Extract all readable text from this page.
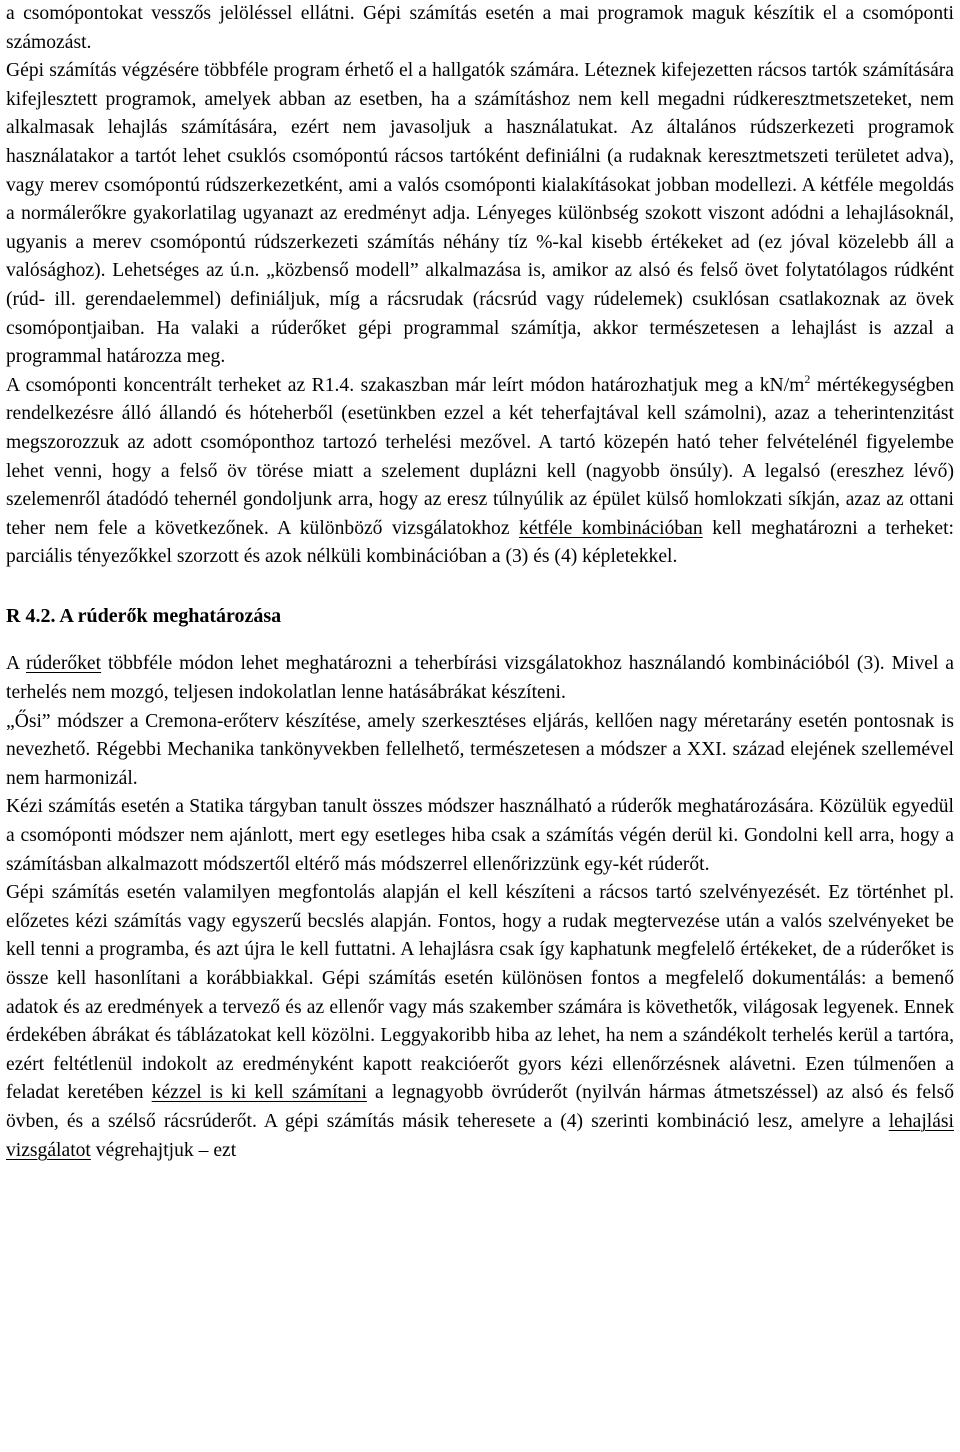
a csomópontokat vesszős jelöléssel ellátni. Gépi számítás esetén a mai programok maguk készítik el a csomóponti számozást.

Gépi számítás végzésére többféle program érhető el a hallgatók számára. Léteznek kifejezetten rácsos tartók számítására kifejlesztett programok, amelyek abban az esetben, ha a számításhoz nem kell megadni rúdkeresztmetszeteket, nem alkalmasak lehajlás számítására, ezért nem javasoljuk a használatukat. Az általános rúdszerkezeti programok használatakor a tartót lehet csuklós csomópontú rácsos tartóként definiálni (a rudaknak keresztmetszeti területet adva), vagy merev csomópontú rúdszerkezetként, ami a valós csomóponti kialakításokat jobban modellezi. A kétféle megoldás a normálerőkre gyakorlatilag ugyanazt az eredményt adja. Lényeges különbség szokott viszont adódni a lehajlásoknál, ugyanis a merev csomópontú rúdszerkezeti számítás néhány tíz %-kal kisebb értékeket ad (ez jóval közelebb áll a valósághoz). Lehetséges az ú.n. „közbenső modell” alkalmazása is, amikor az alsó és felső övet folytatólagos rúdként (rúd- ill. gerendaelemmel) definiáljuk, míg a rácsrudak (rácsrúd vagy rúdelemek) csuklósan csatlakoznak az övek csomópontjaiban. Ha valaki a rúderőket gépi programmal számítja, akkor természetesen a lehajlást is azzal a programmal határozza meg.

A csomóponti koncentrált terheket az R1.4. szakaszban már leírt módon határozhatjuk meg a $kN/m^2$ mértékegységben rendelkezésre álló állandó és hóteherből (esetünkben ezzel a két teherfajtával kell számolni), azaz a teherintenzitást megszorozzuk az adott csomóponthoz tartozó terhelési mezővel. A tartó közepén ható teher felvételénél figyelembe lehet venni, hogy a felső öv törése miatt a szelement duplázni kell (nagyobb önsúly). A legalsó (ereszhez lévő) szelemenről átadódó tehernél gondoljunk arra, hogy az eresz túlnyúlik az épület külső homlokzati síkján, azaz az ottani teher nem fele a következőnek. A különböző vizsgálatokhoz kétféle kombinációban kell meghatározni a terheket: parciális tényezőkkel szorzott és azok nélküli kombinációban a (3) és (4) képletekkel.

R 4.2. A rúderők meghatározása

A rúderőket többféle módon lehet meghatározni a teherbírási vizsgálatokhoz használandó kombinációból (3). Mivel a terhelés nem mozgó, teljesen indokolatlan lenne hatásábrákat készíteni.

„Ősi” módszer a Cremona-erőterv készítése, amely szerkesztéses eljárás, kellően nagy méretarány esetén pontosnak is nevezhető. Régebbi Mechanika tankönyvekben fellelhető, természetesen a módszer a XXI. század elejének szellemével nem harmonizál.

Kézi számítás esetén a Statika tárgyban tanult összes módszer használható a rúderők meghatározására. Közülük egyedül a csomóponti módszer nem ajánlott, mert egy esetleges hiba csak a számítás végén derül ki. Gondolni kell arra, hogy a számításban alkalmazott módszertől eltérő más módszerrel ellenőrizzünk egy-két rúderőt.

Gépi számítás esetén valamilyen megfontolás alapján el kell készíteni a rácsos tartó szelvényezését. Ez történhet pl. előzetes kézi számítás vagy egyszerű becslés alapján. Fontos, hogy a rudak megtervezése után a valós szelvényeket be kell tenni a programba, és azt újra le kell futtatni. A lehajlásra csak így kaphatunk megfelelő értékeket, de a rúderőket is össze kell hasonlítani a korábbiakkal. Gépi számítás esetén különösen fontos a megfelelő dokumentálás: a bemenő adatok és az eredmények a tervező és az ellenőr vagy más szakember számára is követhetők, világosak legyenek. Ennek érdekében ábrákat és táblázatokat kell közölni. Leggyakoribb hiba az lehet, ha nem a szándékolt terhelés kerül a tartóra, ezért feltétlenül indokolt az eredményként kapott reakcióerőt gyors kézi ellenőrzésnek alávetni. Ezen túlmenően a feladat keretében kézzel is ki kell számítani a legnagyobb övrúderőt (nyilván hármas átmetszéssel) az alsó és felső övben, és a szélső rácsrúderőt. A gépi számítás másik teheresete a (4) szerinti kombináció lesz, amelyre a lehajlási vizsgálatot végrehajtjuk – ezt
